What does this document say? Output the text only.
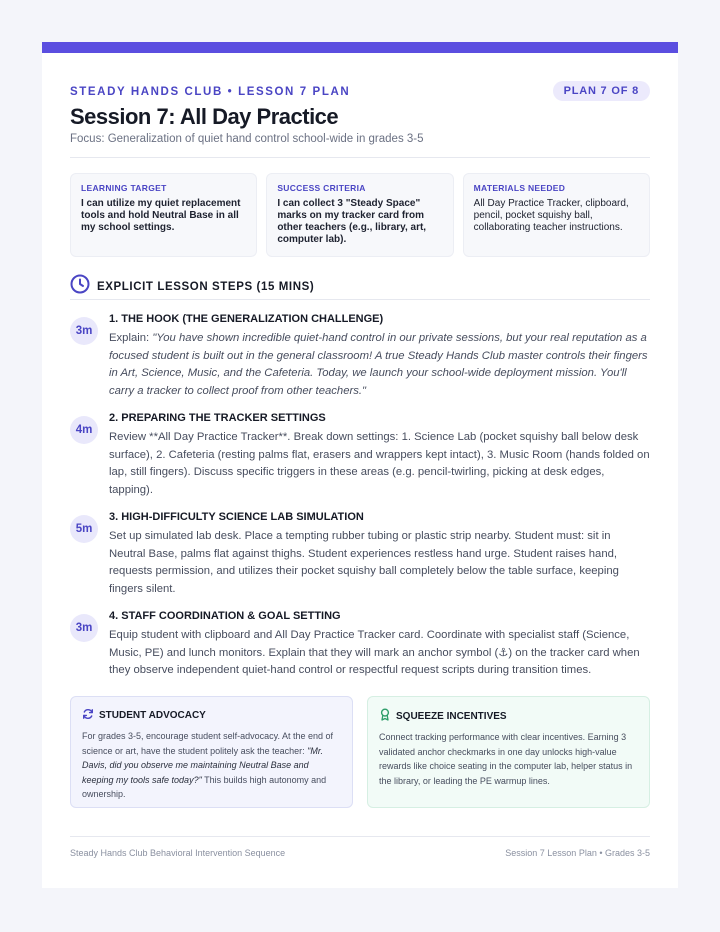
STEADY HANDS CLUB • LESSON 7 PLAN	PLAN 7 OF 8
Session 7: All Day Practice
Focus: Generalization of quiet hand control school-wide in grades 3-5
LEARNING TARGET
I can utilize my quiet replacement tools and hold Neutral Base in all my school settings.
SUCCESS CRITERIA
I can collect 3 "Steady Space" marks on my tracker card from other teachers (e.g., library, art, computer lab).
MATERIALS NEEDED
All Day Practice Tracker, clipboard, pencil, pocket squishy ball, collaborating teacher instructions.
EXPLICIT LESSON STEPS (15 MINS)
3m
1. THE HOOK (THE GENERALIZATION CHALLENGE)
Explain: "You have shown incredible quiet-hand control in our private sessions, but your real reputation as a focused student is built out in the general classroom! A true Steady Hands Club master controls their fingers in Art, Science, Music, and the Cafeteria. Today, we launch your school-wide deployment mission. You'll carry a tracker to collect proof from other teachers."
4m
2. PREPARING THE TRACKER SETTINGS
Review **All Day Practice Tracker**. Break down settings: 1. Science Lab (pocket squishy ball below desk surface), 2. Cafeteria (resting palms flat, erasers and wrappers kept intact), 3. Music Room (hands folded on lap, still fingers). Discuss specific triggers in these areas (e.g. pencil-twirling, picking at desk edges, tapping).
5m
3. HIGH-DIFFICULTY SCIENCE LAB SIMULATION
Set up simulated lab desk. Place a tempting rubber tubing or plastic strip nearby. Student must: sit in Neutral Base, palms flat against thighs. Student experiences restless hand urge. Student raises hand, requests permission, and utilizes their pocket squishy ball completely below the table surface, keeping fingers silent.
3m
4. STAFF COORDINATION & GOAL SETTING
Equip student with clipboard and All Day Practice Tracker card. Coordinate with specialist staff (Science, Music, PE) and lunch monitors. Explain that they will mark an anchor symbol (⚓) on the tracker card when they observe independent quiet-hand control or respectful request scripts during transition times.
STUDENT ADVOCACY
For grades 3-5, encourage student self-advocacy. At the end of science or art, have the student politely ask the teacher: "Mr. Davis, did you observe me maintaining Neutral Base and keeping my tools safe today?" This builds high autonomy and ownership.
SQUEEZE INCENTIVES
Connect tracking performance with clear incentives. Earning 3 validated anchor checkmarks in one day unlocks high-value rewards like choice seating in the computer lab, helper status in the library, or leading the PE warmup lines.
Steady Hands Club Behavioral Intervention Sequence	Session 7 Lesson Plan • Grades 3-5
